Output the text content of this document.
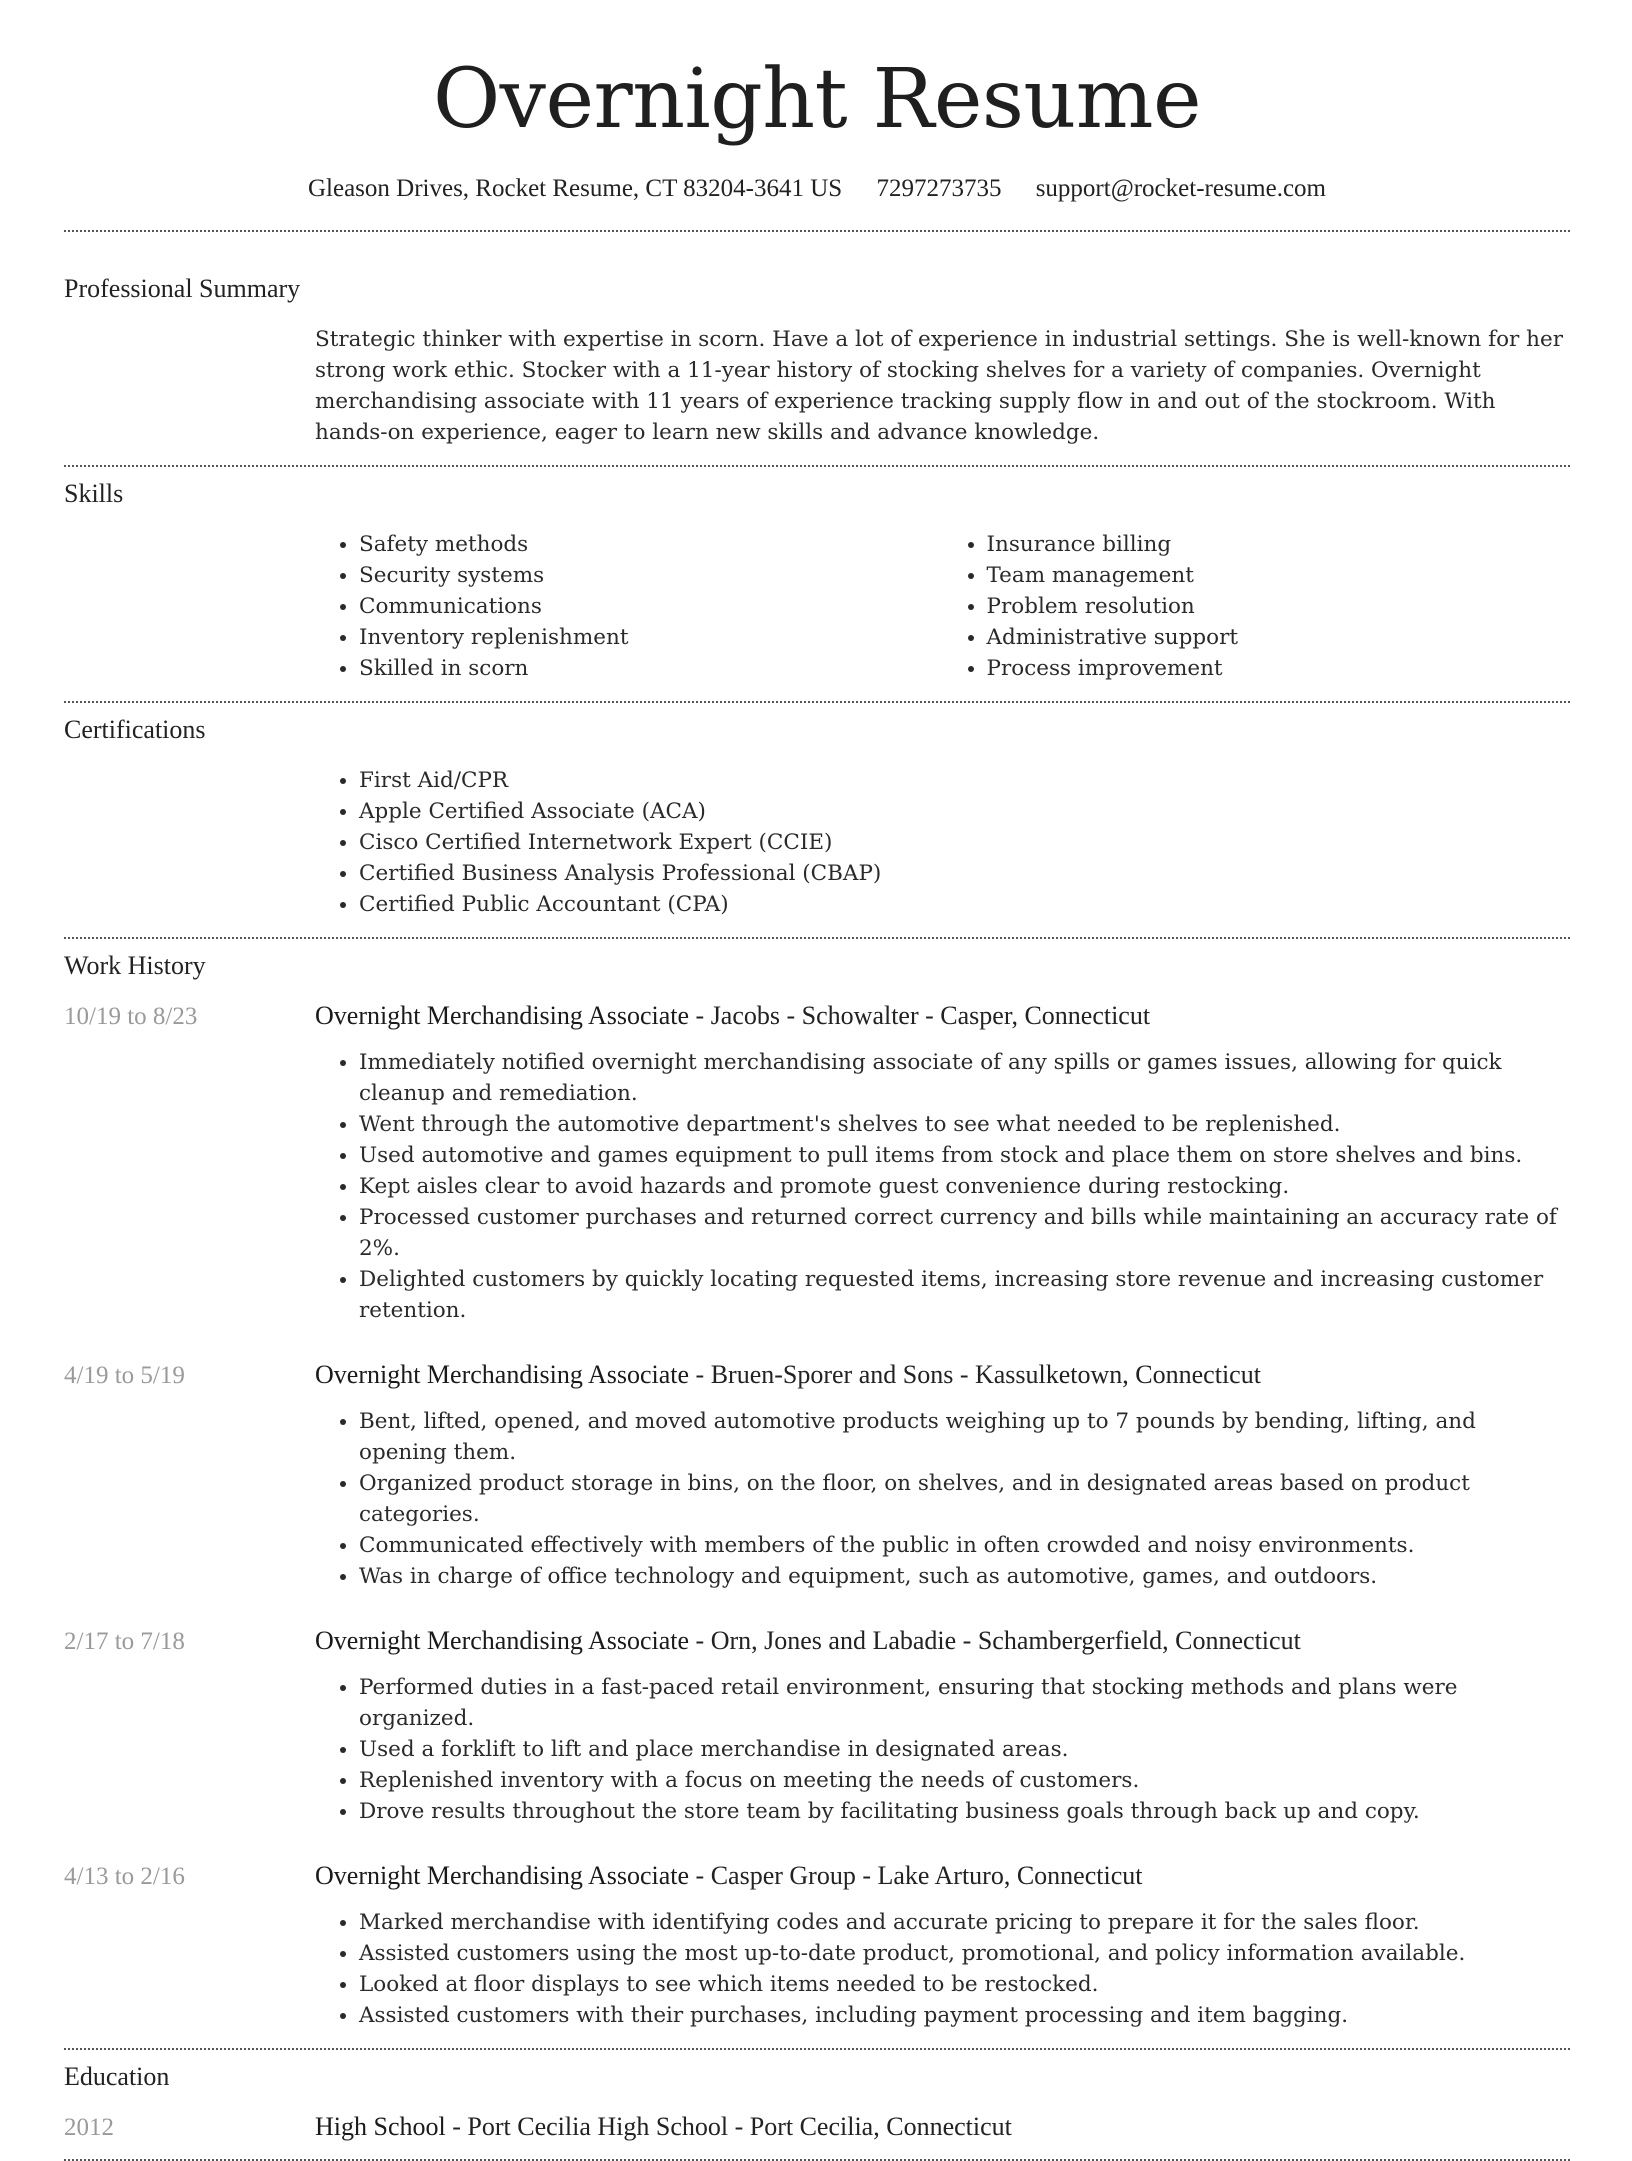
Overnight Resume
Gleason Drives, Rocket Resume, CT 83204-3641 US 7297273735 support@rocket-resume.com
Professional Summary
Strategic thinker with expertise in scorn. Have a lot of experience in industrial settings. She is well-known for her strong work ethic. Stocker with a 11-year history of stocking shelves for a variety of companies. Overnight merchandising associate with 11 years of experience tracking supply flow in and out of the stockroom. With hands-on experience, eager to learn new skills and advance knowledge.
Skills
• Safety methods
• Security systems
• Communications
• Inventory replenishment
• Skilled in scorn
• Insurance billing
• Team management
• Problem resolution
• Administrative support
• Process improvement
Certifications
• First Aid/CPR
• Apple Certified Associate (ACA)
• Cisco Certified Internetwork Expert (CCIE)
• Certified Business Analysis Professional (CBAP)
• Certified Public Accountant (CPA)
Work History
10/19 to 8/23	Overnight Merchandising Associate - Jacobs - Schowalter - Casper, Connecticut
• Immediately notified overnight merchandising associate of any spills or games issues, allowing for quick cleanup and remediation.
• Went through the automotive department's shelves to see what needed to be replenished.
• Used automotive and games equipment to pull items from stock and place them on store shelves and bins.
• Kept aisles clear to avoid hazards and promote guest convenience during restocking.
• Processed customer purchases and returned correct currency and bills while maintaining an accuracy rate of 2%.
• Delighted customers by quickly locating requested items, increasing store revenue and increasing customer retention.
4/19 to 5/19	Overnight Merchandising Associate - Bruen-Sporer and Sons - Kassulketown, Connecticut
• Bent, lifted, opened, and moved automotive products weighing up to 7 pounds by bending, lifting, and opening them.
• Organized product storage in bins, on the floor, on shelves, and in designated areas based on product categories.
• Communicated effectively with members of the public in often crowded and noisy environments.
• Was in charge of office technology and equipment, such as automotive, games, and outdoors.
2/17 to 7/18	Overnight Merchandising Associate - Orn, Jones and Labadie - Schambergerfield, Connecticut
• Performed duties in a fast-paced retail environment, ensuring that stocking methods and plans were organized.
• Used a forklift to lift and place merchandise in designated areas.
• Replenished inventory with a focus on meeting the needs of customers.
• Drove results throughout the store team by facilitating business goals through back up and copy.
4/13 to 2/16	Overnight Merchandising Associate - Casper Group - Lake Arturo, Connecticut
• Marked merchandise with identifying codes and accurate pricing to prepare it for the sales floor.
• Assisted customers using the most up-to-date product, promotional, and policy information available.
• Looked at floor displays to see which items needed to be restocked.
• Assisted customers with their purchases, including payment processing and item bagging.
Education
2012	High School - Port Cecilia High School - Port Cecilia, Connecticut
